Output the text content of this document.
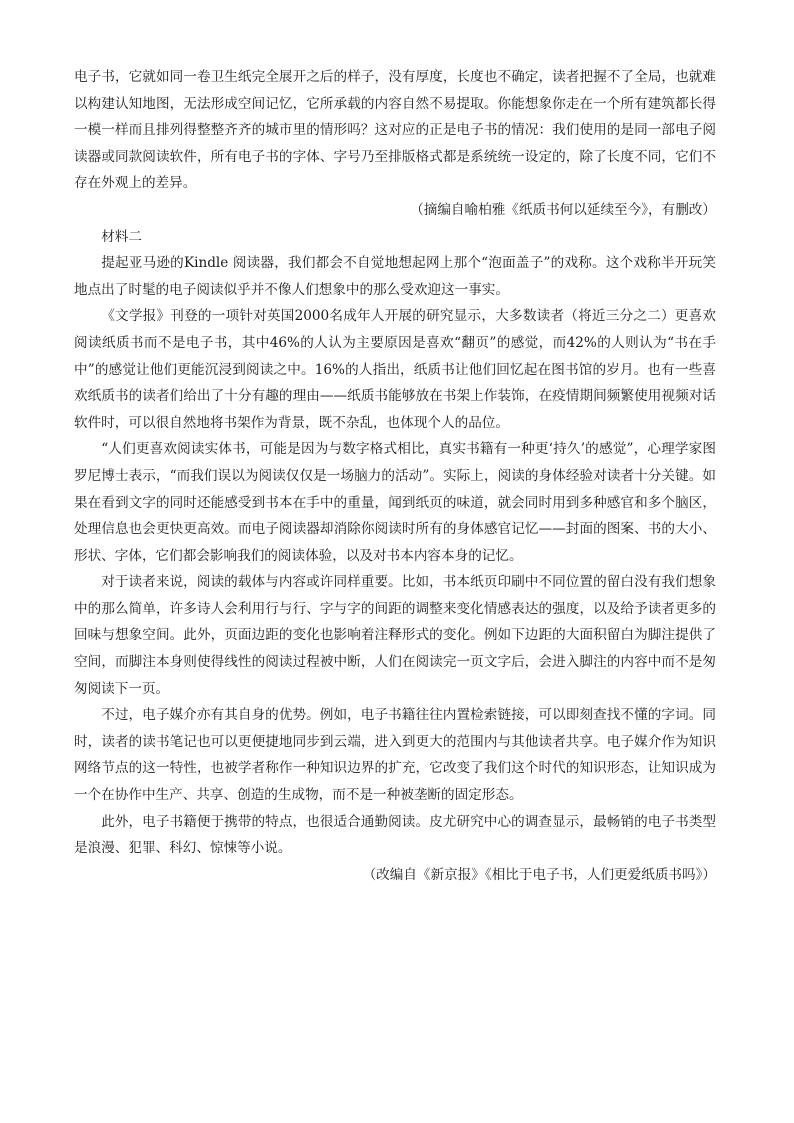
电子书，它就如同一卷卫生纸完全展开之后的样子，没有厚度，长度也不确定，读者把握不了全局，也就难以构建认知地图，无法形成空间记忆，它所承载的内容自然不易提取。你能想象你走在一个所有建筑都长得一模一样而且排列得整整齐齐的城市里的情形吗？这对应的正是电子书的情况：我们使用的是同一部电子阅读器或同款阅读软件，所有电子书的字体、字号乃至排版格式都是系统统一设定的，除了长度不同，它们不存在外观上的差异。

（摘编自喻柏雅《纸质书何以延续至今》，有删改）

材料二

提起亚马逊的Kindle 阅读器，我们都会不自觉地想起网上那个“泡面盖子”的戏称。这个戏称半开玩笑地点出了时髦的电子阅读似乎并不像人们想象中的那么受欢迎这一事实。

《文学报》刊登的一项针对英国2000名成年人开展的研究显示，大多数读者（将近三分之二）更喜欢阅读纸质书而不是电子书，其中46%的人认为主要原因是喜欢“翻页”的感觉，而42%的人则认为“书在手中”的感觉让他们更能沉浸到阅读之中。16%的人指出，纸质书让他们回忆起在图书馆的岁月。也有一些喜欢纸质书的读者们给出了十分有趣的理由——纸质书能够放在书架上作装饰，在疫情期间频繁使用视频对话软件时，可以很自然地将书架作为背景，既不杂乱，也体现个人的品位。

“人们更喜欢阅读实体书，可能是因为与数字格式相比，真实书籍有一种更‘持久’的感觉”，心理学家图罗尼博士表示，“而我们误以为阅读仅仅是一场脑力的活动”。实际上，阅读的身体经验对读者十分关键。如果在看到文字的同时还能感受到书本在手中的重量，闻到纸页的味道，就会同时用到多种感官和多个脑区，处理信息也会更快更高效。而电子阅读器却消除你阅读时所有的身体感官记忆——封面的图案、书的大小、形状、字体，它们都会影响我们的阅读体验，以及对书本内容本身的记忆。

对于读者来说，阅读的载体与内容或许同样重要。比如，书本纸页印刷中不同位置的留白没有我们想象中的那么简单，许多诗人会利用行与行、字与字的间距的调整来变化情感表达的强度，以及给予读者更多的回味与想象空间。此外，页面边距的变化也影响着注释形式的变化。例如下边距的大面积留白为脚注提供了空间，而脚注本身则使得线性的阅读过程被中断，人们在阅读完一页文字后，会进入脚注的内容中而不是匆匆阅读下一页。

不过，电子媒介亦有其自身的优势。例如，电子书籍往往内置检索链接，可以即刻查找不懂的字词。同时，读者的读书笔记也可以更便捷地同步到云端，进入到更大的范围内与其他读者共享。电子媒介作为知识网络节点的这一特性，也被学者称作一种知识边界的扩充，它改变了我们这个时代的知识形态，让知识成为一个在协作中生产、共享、创造的生成物，而不是一种被垄断的固定形态。

此外，电子书籍便于携带的特点，也很适合通勤阅读。皮尤研究中心的调查显示，最畅销的电子书类型是浪漫、犯罪、科幻、惊悚等小说。

（改编自《新京报》《相比于电子书，人们更爱纸质书吗》）
